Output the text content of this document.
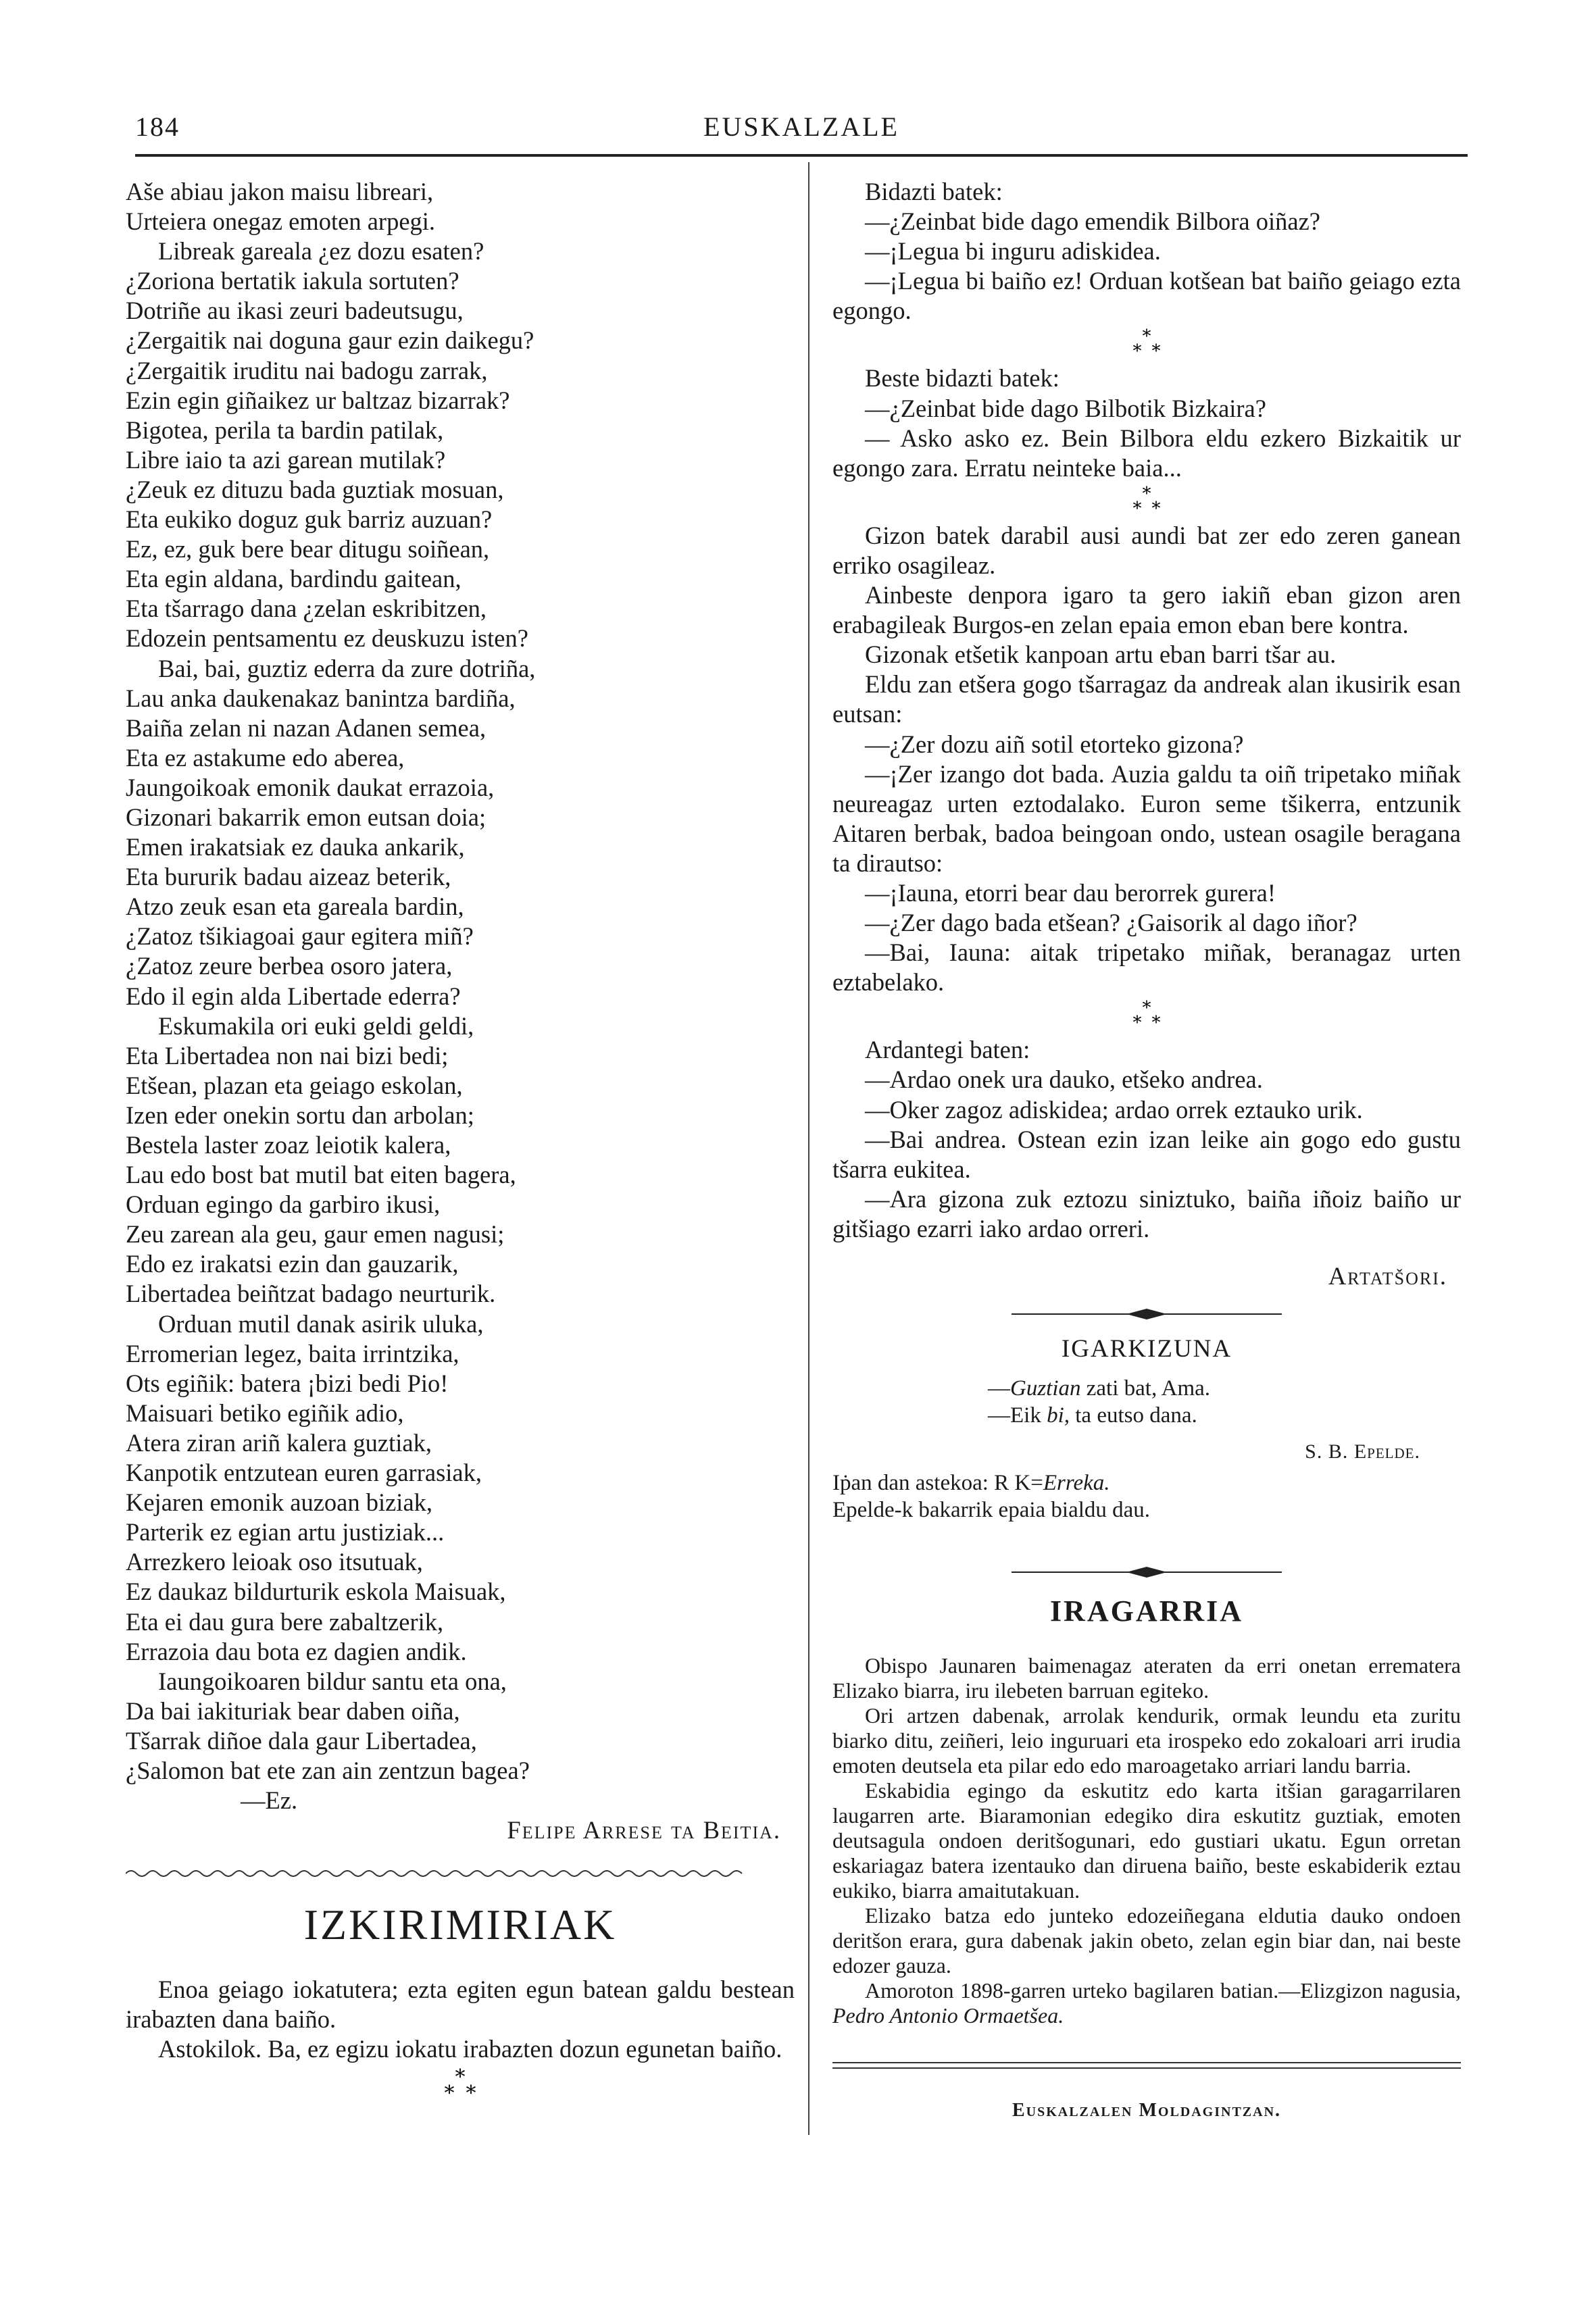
184	EUSKALZALE

Aše abiau jakon maisu libreari,

Urteiera onegaz emoten arpegi.

Libreak gareala ¿ez dozu esaten?

¿Zoriona bertatik iakula sortuten?

Dotriñe au ikasi zeuri badeutsugu,

¿Zergaitik nai doguna gaur ezin daikegu?

¿Zergaitik iruditu nai badogu zarrak,

Ezin egin giñaikez ur baltzaz bizarrak?

Bigotea, perila ta bardin patilak,

Libre iaio ta azi garean mutilak?

¿Zeuk ez dituzu bada guztiak mosuan,

Eta eukiko doguz guk barriz auzuan?

Ez, ez, guk bere bear ditugu soiñean,

Eta egin aldana, bardindu gaitean,

Eta tšarrago dana ¿zelan eskribitzen,

Edozein pentsamentu ez deuskuzu isten?

Bai, bai, guztiz ederra da zure dotriña,

Lau anka daukenakaz banintza bardiña,

Baiña zelan ni nazan Adanen semea,

Eta ez astakume edo aberea,

Jaungoikoak emonik daukat errazoia,

Gizonari bakarrik emon eutsan doia;

Emen irakatsiak ez dauka ankarik,

Eta bururik badau aizeaz beterik,

Atzo zeuk esan eta gareala bardin,

¿Zatoz tšikiagoai gaur egitera miñ?

¿Zatoz zeure berbea osoro jatera,

Edo il egin alda Libertade ederra?

Eskumakila ori euki geldi geldi,

Eta Libertadea non nai bizi bedi;

Etšean, plazan eta geiago eskolan,

Izen eder onekin sortu dan arbolan;

Bestela laster zoaz leiotik kalera,

Lau edo bost bat mutil bat eiten bagera,

Orduan egingo da garbiro ikusi,

Zeu zarean ala geu, gaur emen nagusi;

Edo ez irakatsi ezin dan gauzarik,

Libertadea beiñtzat badago neurturik.

Orduan mutil danak asirik uluka,

Erromerian legez, baita irrintzika,

Ots egiñik: batera ¡bizi bedi Pio!

Maisuari betiko egiñik adio,

Atera ziran ariñ kalera guztiak,

Kanpotik entzutean euren garrasiak,

Kejaren emonik auzoan biziak,

Parterik ez egian artu justiziak...

Arrezkero leioak oso itsutuak,

Ez daukaz bildurturik eskola Maisuak,

Eta ei dau gura bere zabaltzerik,

Errazoia dau bota ez dagien andik.

Iaungoikoaren bildur santu eta ona,

Da bai iakituriak bear daben oiña,

Tšarrak diñoe dala gaur Libertadea,

¿Salomon bat ete zan ain zentzun bagea?

—Ez.

Felipe Arrese ta Beitia.

IZKIRIMIRIAK

Enoa geiago iokatutera; ezta egiten egun batean galdu bestean irabazten dana baiño.

Astokilok. Ba, ez egizu iokatu irabazten dozun egunetan baiño.

*
* *

Bidazti batek:

—¿Zeinbat bide dago emendik Bilbora oiñaz?

—¡Legua bi inguru adiskidea.

—¡Legua bi baiño ez! Orduan kotšean bat baiño geiago ezta egongo.

*
* *

Beste bidazti batek:

—¿Zeinbat bide dago Bilbotik Bizkaira?

— Asko asko ez. Bein Bilbora eldu ezkero Bizkaitik ur egongo zara. Erratu neinteke baia...

*
* *

Gizon batek darabil ausi aundi bat zer edo zeren ganean erriko osagileaz.

Ainbeste denpora igaro ta gero iakiñ eban gizon aren erabagileak Burgos-en zelan epaia emon eban bere kontra.

Gizonak etšetik kanpoan artu eban barri tšar au.

Eldu zan etšera gogo tšarragaz da andreak alan ikusirik esan eutsan:

—¿Zer dozu aiñ sotil etorteko gizona?

—¡Zer izango dot bada. Auzia galdu ta oiñ tripetako miñak neureagaz urten eztodalako. Euron seme tšikerra, entzunik Aitaren berbak, badoa beingoan ondo, ustean osagile beragana ta dirautso:

—¡Iauna, etorri bear dau berorrek gurera!

—¿Zer dago bada etšean? ¿Gaisorik al dago iñor?

—Bai, Iauna: aitak tripetako miñak, beranagaz urten eztabelako.

*
* *

Ardantegi baten:

—Ardao onek ura dauko, etšeko andrea.

—Oker zagoz adiskidea; ardao orrek eztauko urik.

—Bai andrea. Ostean ezin izan leike ain gogo edo gustu tšarra eukitea.

—Ara gizona zuk eztozu siniztuko, baiña iñoiz baiño ur gitšiago ezarri iako ardao orreri.

Artatšori.

IGARKIZUNA
—Guztian zati bat, Ama.
—Eik bi, ta eutso dana.
S. B. Epelde.
Iṗan dan astekoa: R K=Erreka.
Epelde-k bakarrik epaia bialdu dau.
IRAGARRIA

Obispo Jaunaren baimenagaz ateraten da erri onetan errematera Elizako biarra, iru ilebeten barruan egiteko.

Ori artzen dabenak, arrolak kendurik, ormak leundu eta zuritu biarko ditu, zeiñeri, leio inguruari eta irospeko edo zokaloari arri irudia emoten deutsela eta pilar edo edo maroagetako arriari landu barria.

Eskabidia egingo da eskutitz edo karta itšian garagarrilaren laugarren arte. Biaramonian edegiko dira eskutitz guztiak, emoten deutsagula ondoen deritšogunari, edo gustiari ukatu. Egun orretan eskariagaz batera izentauko dan diruena baiño, beste eskabiderik eztau eukiko, biarra amaitutakuan.

Elizako batza edo junteko edozeiñegana eldutia dauko ondoen deritšon erara, gura dabenak jakin obeto, zelan egin biar dan, nai beste edozer gauza.

Amoroton 1898-garren urteko bagilaren batian.—Elizgizon nagusia, Pedro Antonio Ormaetšea.

Euskalzalen Moldagintzan.
